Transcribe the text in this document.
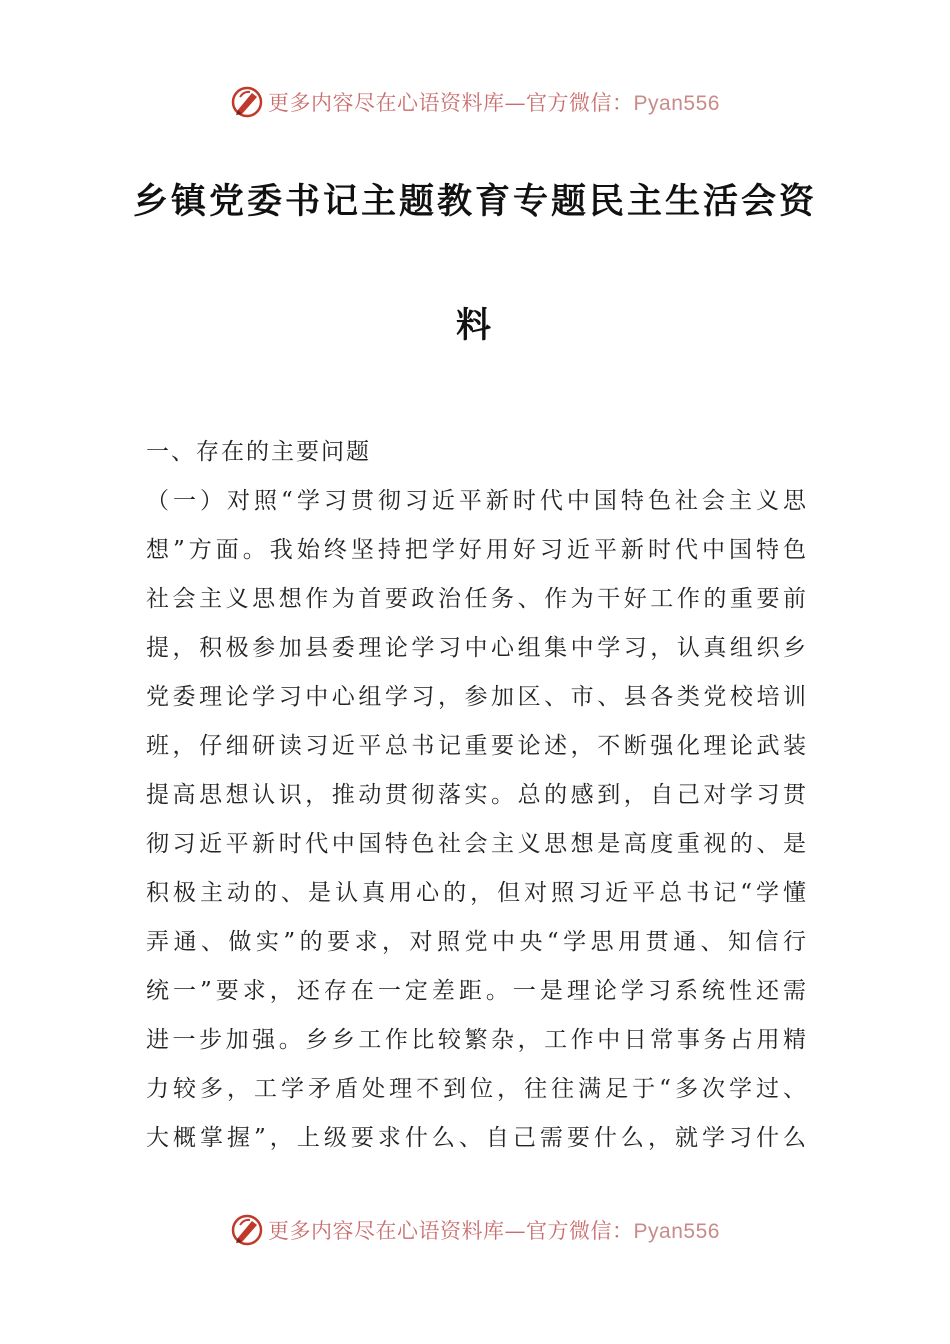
更多内容尽在心语资料库—官方微信：Pyan556
乡镇党委书记主题教育专题民主生活会资
料
一、存在的主要问题
（一）对照“学习贯彻习近平新时代中国特色社会主义思
想”方面。我始终坚持把学好用好习近平新时代中国特色
社会主义思想作为首要政治任务、作为干好工作的重要前
提，积极参加县委理论学习中心组集中学习，认真组织乡
党委理论学习中心组学习，参加区、市、县各类党校培训
班，仔细研读习近平总书记重要论述，不断强化理论武装
提高思想认识，推动贯彻落实。总的感到，自己对学习贯
彻习近平新时代中国特色社会主义思想是高度重视的、是
积极主动的、是认真用心的，但对照习近平总书记“学懂
弄通、做实”的要求，对照党中央“学思用贯通、知信行
统一”要求，还存在一定差距。一是理论学习系统性还需
进一步加强。乡乡工作比较繁杂，工作中日常事务占用精
力较多，工学矛盾处理不到位，往往满足于“多次学过、
大概掌握”，上级要求什么、自己需要什么，就学习什么
更多内容尽在心语资料库—官方微信：Pyan556
